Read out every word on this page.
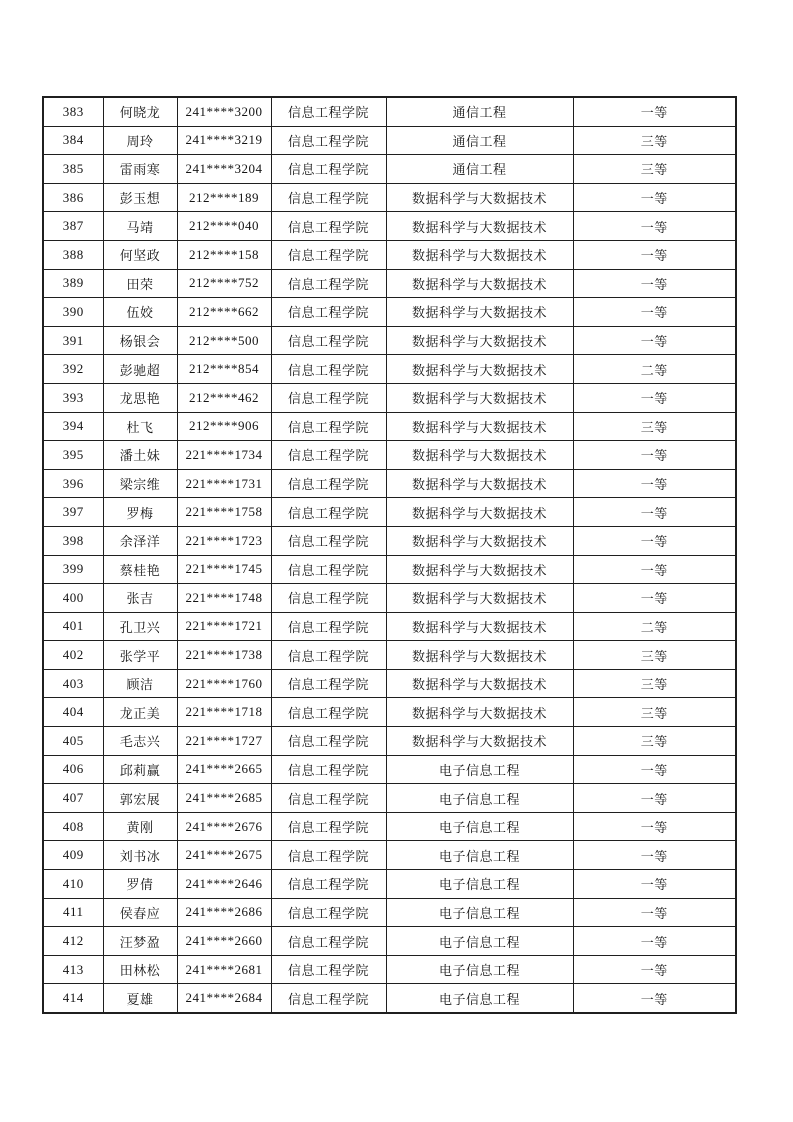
383	何晓龙	241****3200	信息工程学院	通信工程	一等
384	周玲	241****3219	信息工程学院	通信工程	三等
385	雷雨寒	241****3204	信息工程学院	通信工程	三等
386	彭玉想	212****189	信息工程学院	数据科学与大数据技术	一等
387	马靖	212****040	信息工程学院	数据科学与大数据技术	一等
388	何坚政	212****158	信息工程学院	数据科学与大数据技术	一等
389	田荣	212****752	信息工程学院	数据科学与大数据技术	一等
390	伍姣	212****662	信息工程学院	数据科学与大数据技术	一等
391	杨银会	212****500	信息工程学院	数据科学与大数据技术	一等
392	彭驰超	212****854	信息工程学院	数据科学与大数据技术	二等
393	龙思艳	212****462	信息工程学院	数据科学与大数据技术	一等
394	杜飞	212****906	信息工程学院	数据科学与大数据技术	三等
395	潘土妹	221****1734	信息工程学院	数据科学与大数据技术	一等
396	梁宗维	221****1731	信息工程学院	数据科学与大数据技术	一等
397	罗梅	221****1758	信息工程学院	数据科学与大数据技术	一等
398	余泽洋	221****1723	信息工程学院	数据科学与大数据技术	一等
399	蔡桂艳	221****1745	信息工程学院	数据科学与大数据技术	一等
400	张吉	221****1748	信息工程学院	数据科学与大数据技术	一等
401	孔卫兴	221****1721	信息工程学院	数据科学与大数据技术	二等
402	张学平	221****1738	信息工程学院	数据科学与大数据技术	三等
403	顾洁	221****1760	信息工程学院	数据科学与大数据技术	三等
404	龙正美	221****1718	信息工程学院	数据科学与大数据技术	三等
405	毛志兴	221****1727	信息工程学院	数据科学与大数据技术	三等
406	邱莉赢	241****2665	信息工程学院	电子信息工程	一等
407	郭宏展	241****2685	信息工程学院	电子信息工程	一等
408	黄刚	241****2676	信息工程学院	电子信息工程	一等
409	刘书冰	241****2675	信息工程学院	电子信息工程	一等
410	罗倩	241****2646	信息工程学院	电子信息工程	一等
411	侯春应	241****2686	信息工程学院	电子信息工程	一等
412	汪梦盈	241****2660	信息工程学院	电子信息工程	一等
413	田林松	241****2681	信息工程学院	电子信息工程	一等
414	夏雄	241****2684	信息工程学院	电子信息工程	一等
